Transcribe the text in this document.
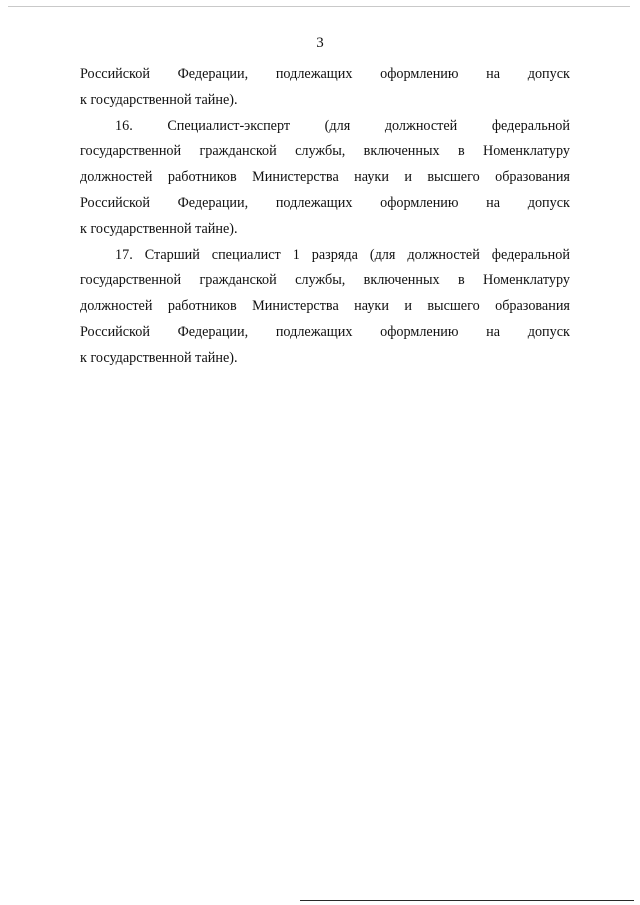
3
Российской Федерации, подлежащих оформлению на допуск
к государственной тайне).
16. Специалист-эксперт (для должностей федеральной
государственной гражданской службы, включенных в Номенклатуру
должностей работников Министерства науки и высшего образования
Российской Федерации, подлежащих оформлению на допуск
к государственной тайне).
17. Старший специалист 1 разряда (для должностей федеральной
государственной гражданской службы, включенных в Номенклатуру
должностей работников Министерства науки и высшего образования
Российской Федерации, подлежащих оформлению на допуск
к государственной тайне).
